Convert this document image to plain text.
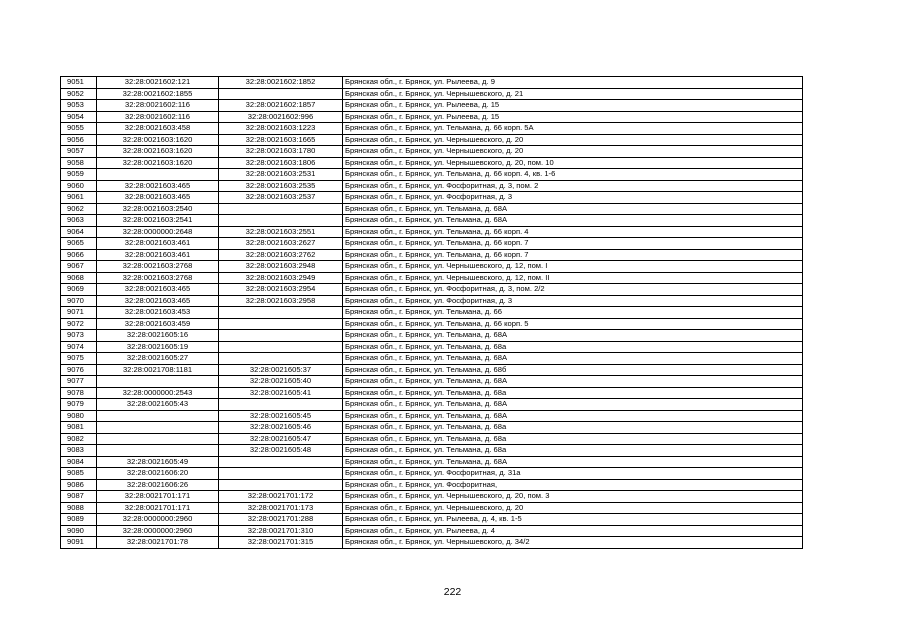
9051	32:28:0021602:121	32:28:0021602:1852	Брянская обл., г. Брянск, ул. Рылеева, д. 9
9052	32:28:0021602:1855		Брянская обл., г. Брянск, ул. Чернышевского, д. 21
9053	32:28:0021602:116	32:28:0021602:1857	Брянская обл., г. Брянск, ул. Рылеева, д. 15
9054	32:28:0021602:116	32:28:0021602:996	Брянская обл., г. Брянск, ул. Рылеева, д. 15
9055	32:28:0021603:458	32:28:0021603:1223	Брянская обл., г. Брянск, ул. Тельмана, д. 66 корп. 5А
9056	32:28:0021603:1620	32:28:0021603:1665	Брянская обл., г. Брянск, ул. Чернышевского, д. 20
9057	32:28:0021603:1620	32:28:0021603:1780	Брянская обл., г. Брянск, ул. Чернышевского, д. 20
9058	32:28:0021603:1620	32:28:0021603:1806	Брянская обл., г. Брянск, ул. Чернышевского, д. 20, пом. 10
9059		32:28:0021603:2531	Брянская обл., г. Брянск, ул. Тельмана, д. 66 корп. 4, кв. 1-6
9060	32:28:0021603:465	32:28:0021603:2535	Брянская обл., г. Брянск, ул. Фосфоритная, д. 3, пом. 2
9061	32:28:0021603:465	32:28:0021603:2537	Брянская обл., г. Брянск, ул. Фосфоритная, д. 3
9062	32:28:0021603:2540		Брянская обл., г. Брянск, ул. Тельмана, д. 68А
9063	32:28:0021603:2541		Брянская обл., г. Брянск, ул. Тельмана, д. 68А
9064	32:28:0000000:2648	32:28:0021603:2551	Брянская обл., г. Брянск, ул. Тельмана, д. 66 корп. 4
9065	32:28:0021603:461	32:28:0021603:2627	Брянская обл., г. Брянск, ул. Тельмана, д. 66 корп. 7
9066	32:28:0021603:461	32:28:0021603:2762	Брянская обл., г. Брянск, ул. Тельмана, д. 66 корп. 7
9067	32:28:0021603:2768	32:28:0021603:2948	Брянская обл., г. Брянск, ул. Чернышевского, д. 12, пом. I
9068	32:28:0021603:2768	32:28:0021603:2949	Брянская обл., г. Брянск, ул. Чернышевского, д. 12, пом. II
9069	32:28:0021603:465	32:28:0021603:2954	Брянская обл., г. Брянск, ул. Фосфоритная, д. 3, пом. 2/2
9070	32:28:0021603:465	32:28:0021603:2958	Брянская обл., г. Брянск, ул. Фосфоритная, д. 3
9071	32:28:0021603:453		Брянская обл., г. Брянск, ул. Тельмана, д. 66
9072	32:28:0021603:459		Брянская обл., г. Брянск, ул. Тельмана, д. 66 корп. 5
9073	32:28:0021605:16		Брянская обл., г. Брянск, ул. Тельмана, д. 68А
9074	32:28:0021605:19		Брянская обл., г. Брянск, ул. Тельмана, д. 68а
9075	32:28:0021605:27		Брянская обл., г. Брянск, ул. Тельмана, д. 68А
9076	32:28:0021708:1181	32:28:0021605:37	Брянская обл., г. Брянск, ул. Тельмана, д. 68б
9077		32:28:0021605:40	Брянская обл., г. Брянск, ул. Тельмана, д. 68А
9078	32:28:0000000:2543	32:28:0021605:41	Брянская обл., г. Брянск, ул. Тельмана, д. 68а
9079	32:28:0021605:43		Брянская обл., г. Брянск, ул. Тельмана, д. 68А
9080		32:28:0021605:45	Брянская обл., г. Брянск, ул. Тельмана, д. 68А
9081		32:28:0021605:46	Брянская обл., г. Брянск, ул. Тельмана, д. 68а
9082		32:28:0021605:47	Брянская обл., г. Брянск, ул. Тельмана, д. 68а
9083		32:28:0021605:48	Брянская обл., г. Брянск, ул. Тельмана, д. 68а
9084	32:28:0021605:49		Брянская обл., г. Брянск, ул. Тельмана, д. 68А
9085	32:28:0021606:20		Брянская обл., г. Брянск, ул. Фосфоритная, д. 31а
9086	32:28:0021606:26		Брянская обл., г. Брянск, ул. Фосфоритная,
9087	32:28:0021701:171	32:28:0021701:172	Брянская обл., г. Брянск, ул. Чернышевского, д. 20, пом. 3
9088	32:28:0021701:171	32:28:0021701:173	Брянская обл., г. Брянск, ул. Чернышевского, д. 20
9089	32:28:0000000:2960	32:28:0021701:288	Брянская обл., г. Брянск, ул. Рылеева, д. 4, кв. 1-5
9090	32:28:0000000:2960	32:28:0021701:310	Брянская обл., г. Брянск, ул. Рылеева, д. 4
9091	32:28:0021701:78	32:28:0021701:315	Брянская обл., г. Брянск, ул. Чернышевского, д. 34/2
222
